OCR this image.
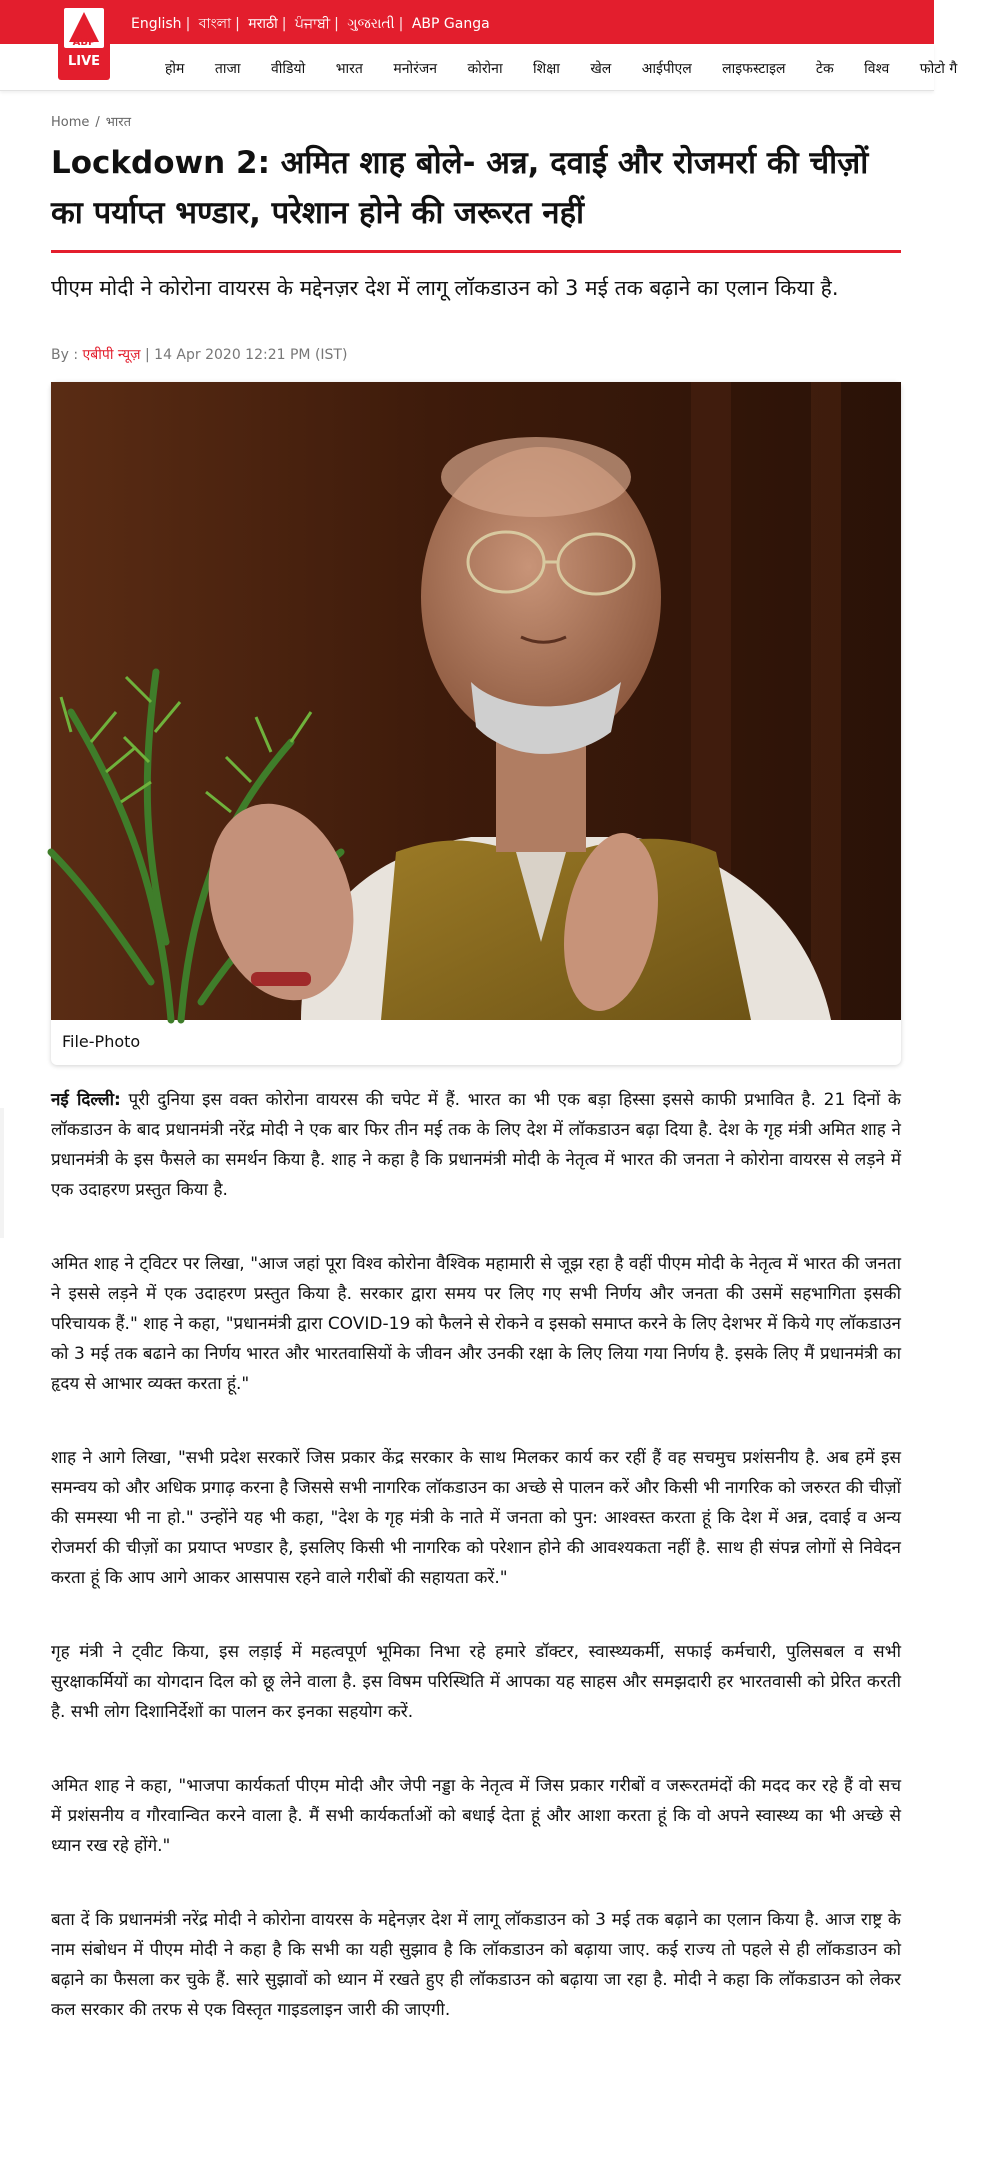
English | বাংলা | मराठी | ਪੰਜਾਬੀ | ગુજરાતી | ABP Ganga
ABP
LIVE	होम ताजा वीडियो भारत मनोरंजन कोरोना शिक्षा खेल आईपीएल लाइफस्टाइल टेक विश्व फोटो गै
Home / भारत
Lockdown 2: अमित शाह बोले- अन्न, दवाई और रोजमर्रा की चीज़ों का पर्याप्त भण्डार, परेशान होने की जरूरत नहीं

पीएम मोदी ने कोरोना वायरस के मद्देनज़र देश में लागू लॉकडाउन को 3 मई तक बढ़ाने का एलान किया है.

By : एबीपी न्यूज़ | 14 Apr 2020 12:21 PM (IST)
File-Photo

नई दिल्ली: पूरी दुनिया इस वक्त कोरोना वायरस की चपेट में हैं. भारत का भी एक बड़ा हिस्सा इससे काफी प्रभावित है. 21 दिनों के लॉकडाउन के बाद प्रधानमंत्री नरेंद्र मोदी ने एक बार फिर तीन मई तक के लिए देश में लॉकडाउन बढ़ा दिया है. देश के गृह मंत्री अमित शाह ने प्रधानमंत्री के इस फैसले का समर्थन किया है. शाह ने कहा है कि प्रधानमंत्री मोदी के नेतृत्व में भारत की जनता ने कोरोना वायरस से लड़ने में एक उदाहरण प्रस्तुत किया है.

अमित शाह ने ट्विटर पर लिखा, "आज जहां पूरा विश्व कोरोना वैश्विक महामारी से जूझ रहा है वहीं पीएम मोदी के नेतृत्व में भारत की जनता ने इससे लड़ने में एक उदाहरण प्रस्तुत किया है. सरकार द्वारा समय पर लिए गए सभी निर्णय और जनता की उसमें सहभागिता इसकी परिचायक हैं." शाह ने कहा, "प्रधानमंत्री द्वारा COVID-19 को फैलने से रोकने व इसको समाप्त करने के लिए देशभर में किये गए लॉकडाउन को 3 मई तक बढाने का निर्णय भारत और भारतवासियों के जीवन और उनकी रक्षा के लिए लिया गया निर्णय है. इसके लिए मैं प्रधानमंत्री का हृदय से आभार व्यक्त करता हूं."

शाह ने आगे लिखा, "सभी प्रदेश सरकारें जिस प्रकार केंद्र सरकार के साथ मिलकर कार्य कर रहीं हैं वह सचमुच प्रशंसनीय है. अब हमें इस समन्वय को और अधिक प्रगाढ़ करना है जिससे सभी नागरिक लॉकडाउन का अच्छे से पालन करें और किसी भी नागरिक को जरुरत की चीज़ों की समस्या भी ना हो." उन्होंने यह भी कहा, "देश के गृह मंत्री के नाते में जनता को पुन: आश्वस्त करता हूं कि देश में अन्न, दवाई व अन्य रोजमर्रा की चीज़ों का प्रयाप्त भण्डार है, इसलिए किसी भी नागरिक को परेशान होने की आवश्यकता नहीं है. साथ ही संपन्न लोगों से निवेदन करता हूं कि आप आगे आकर आसपास रहने वाले गरीबों की सहायता करें."

गृह मंत्री ने ट्वीट किया, इस लड़ाई में महत्वपूर्ण भूमिका निभा रहे हमारे डॉक्टर, स्वास्थ्यकर्मी, सफाई कर्मचारी, पुलिसबल व सभी सुरक्षाकर्मियों का योगदान दिल को छू लेने वाला है. इस विषम परिस्थिति में आपका यह साहस और समझदारी हर भारतवासी को प्रेरित करती है. सभी लोग दिशानिर्देशों का पालन कर इनका सहयोग करें.

अमित शाह ने कहा, "भाजपा कार्यकर्ता पीएम मोदी और जेपी नड्डा के नेतृत्व में जिस प्रकार गरीबों व जरूरतमंदों की मदद कर रहे हैं वो सच में प्रशंसनीय व गौरवान्वित करने वाला है. मैं सभी कार्यकर्ताओं को बधाई देता हूं और आशा करता हूं कि वो अपने स्वास्थ्य का भी अच्छे से ध्यान रख रहे होंगे."

बता दें कि प्रधानमंत्री नरेंद्र मोदी ने कोरोना वायरस के मद्देनज़र देश में लागू लॉकडाउन को 3 मई तक बढ़ाने का एलान किया है. आज राष्ट्र के नाम संबोधन में पीएम मोदी ने कहा है कि सभी का यही सुझाव है कि लॉकडाउन को बढ़ाया जाए. कई राज्य तो पहले से ही लॉकडाउन को बढ़ाने का फैसला कर चुके हैं. सारे सुझावों को ध्यान में रखते हुए ही लॉकडाउन को बढ़ाया जा रहा है. मोदी ने कहा कि लॉकडाउन को लेकर कल सरकार की तरफ से एक विस्तृत गाइडलाइन जारी की जाएगी.
